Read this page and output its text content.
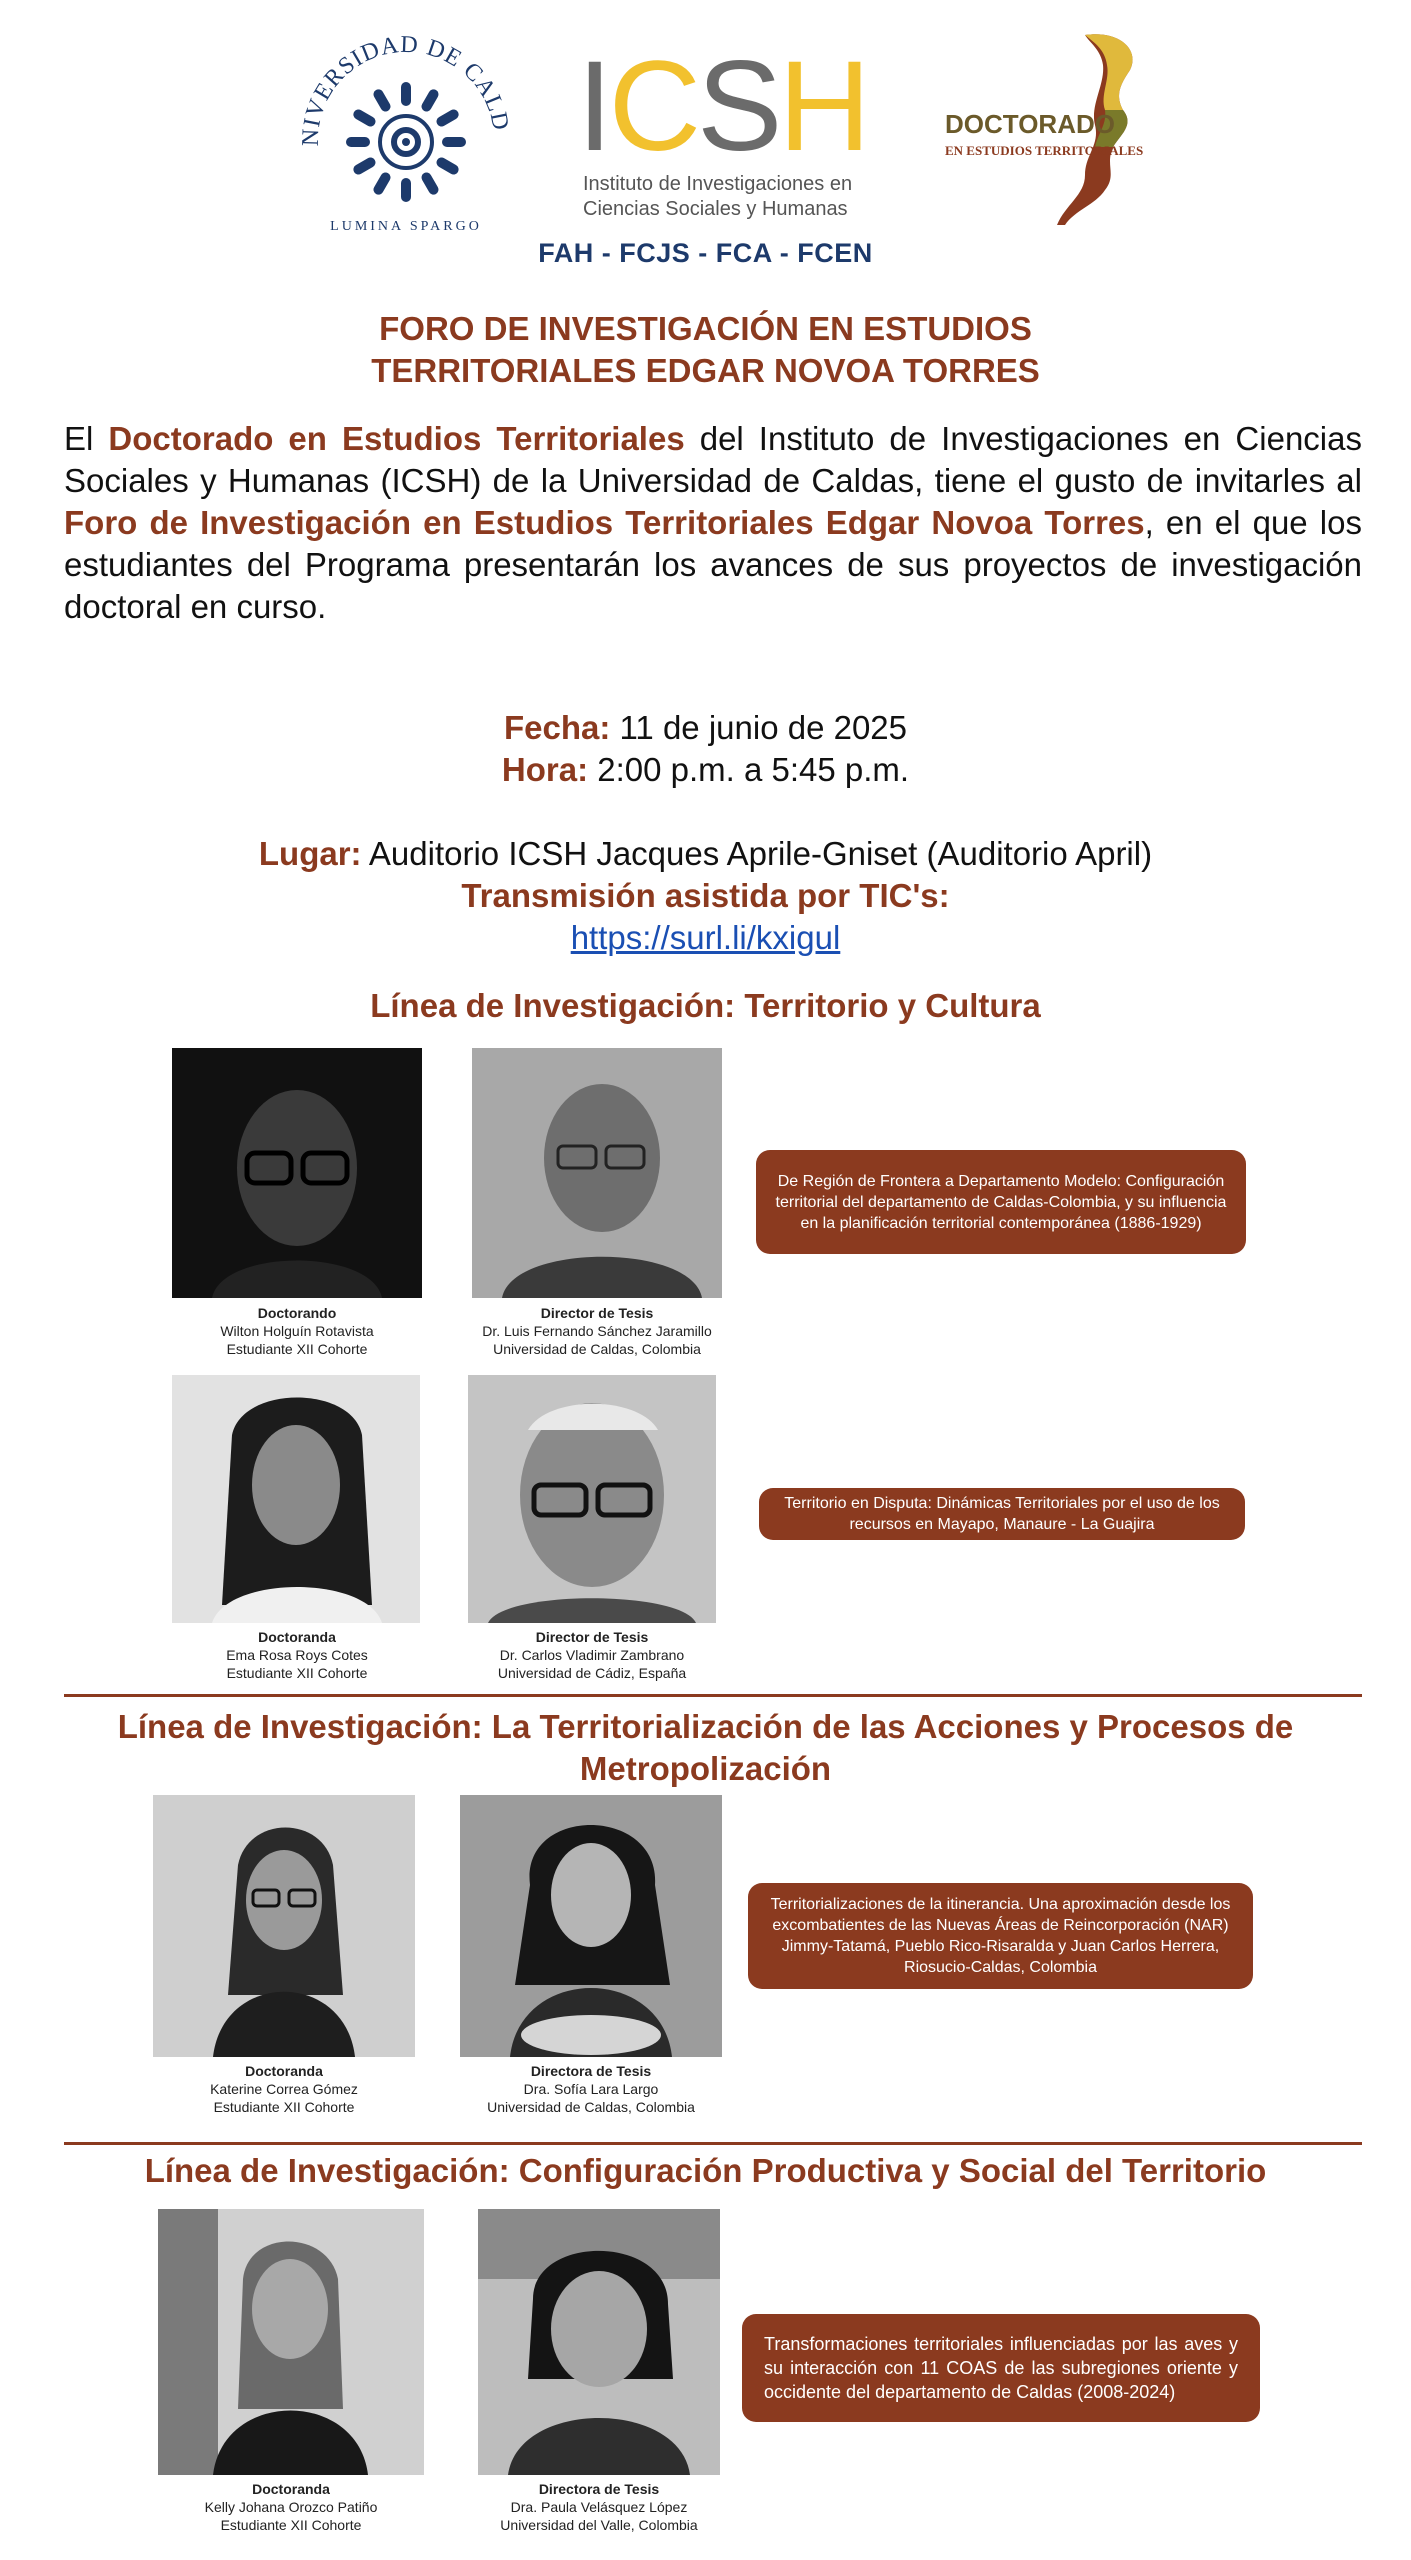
NIVERSIDAD DE CALD
LUMINA SPARGO
ICSH
Instituto de Investigaciones en
Ciencias Sociales y Humanas
DOCTORADO
EN ESTUDIOS TERRITORIALES
FAH - FCJS - FCA - FCEN
FORO DE INVESTIGACIÓN EN ESTUDIOS
TERRITORIALES EDGAR NOVOA TORRES
El Doctorado en Estudios Territoriales del Instituto de Investigaciones en Ciencias Sociales y Humanas (ICSH) de la Universidad de Caldas, tiene el gusto de invitarles al Foro de Investigación en Estudios Territoriales Edgar Novoa Torres, en el que los estudiantes del Programa presentarán los avances de sus proyectos de investigación doctoral en curso.
Fecha: 11 de junio de 2025
Hora: 2:00 p.m. a 5:45 p.m.
Lugar: Auditorio ICSH Jacques Aprile-Gniset (Auditorio April)
Transmisión asistida por TIC's:
https://surl.li/kxigul
Línea de Investigación: Territorio y Cultura
Doctorando
Wilton Holguín Rotavista
Estudiante XII Cohorte
Director de Tesis
Dr. Luis Fernando Sánchez Jaramillo
Universidad de Caldas, Colombia
De Región de Frontera a Departamento Modelo: Configuración territorial del departamento de Caldas-Colombia, y su influencia en la planificación territorial contemporánea (1886-1929)
Doctoranda
Ema Rosa Roys Cotes
Estudiante XII Cohorte
Director de Tesis
Dr. Carlos Vladimir Zambrano
Universidad de Cádiz, España
Territorio en Disputa: Dinámicas Territoriales por el uso de los recursos en Mayapo, Manaure - La Guajira
Línea de Investigación: La Territorialización de las Acciones y Procesos de
Metropolización
Doctoranda
Katerine Correa Gómez
Estudiante XII Cohorte
Directora de Tesis
Dra. Sofía Lara Largo
Universidad de Caldas, Colombia
Territorializaciones de la itinerancia. Una aproximación desde los excombatientes de las Nuevas Áreas de Reincorporación (NAR) Jimmy-Tatamá, Pueblo Rico-Risaralda y Juan Carlos Herrera, Riosucio-Caldas, Colombia
Línea de Investigación: Configuración Productiva y Social del Territorio
Doctoranda
Kelly Johana Orozco Patiño
Estudiante XII Cohorte
Directora de Tesis
Dra. Paula Velásquez López
Universidad del Valle, Colombia
Transformaciones territoriales influenciadas por las aves y su interacción con 11 COAS de las subregiones oriente y occidente del departamento de Caldas (2008-2024)
